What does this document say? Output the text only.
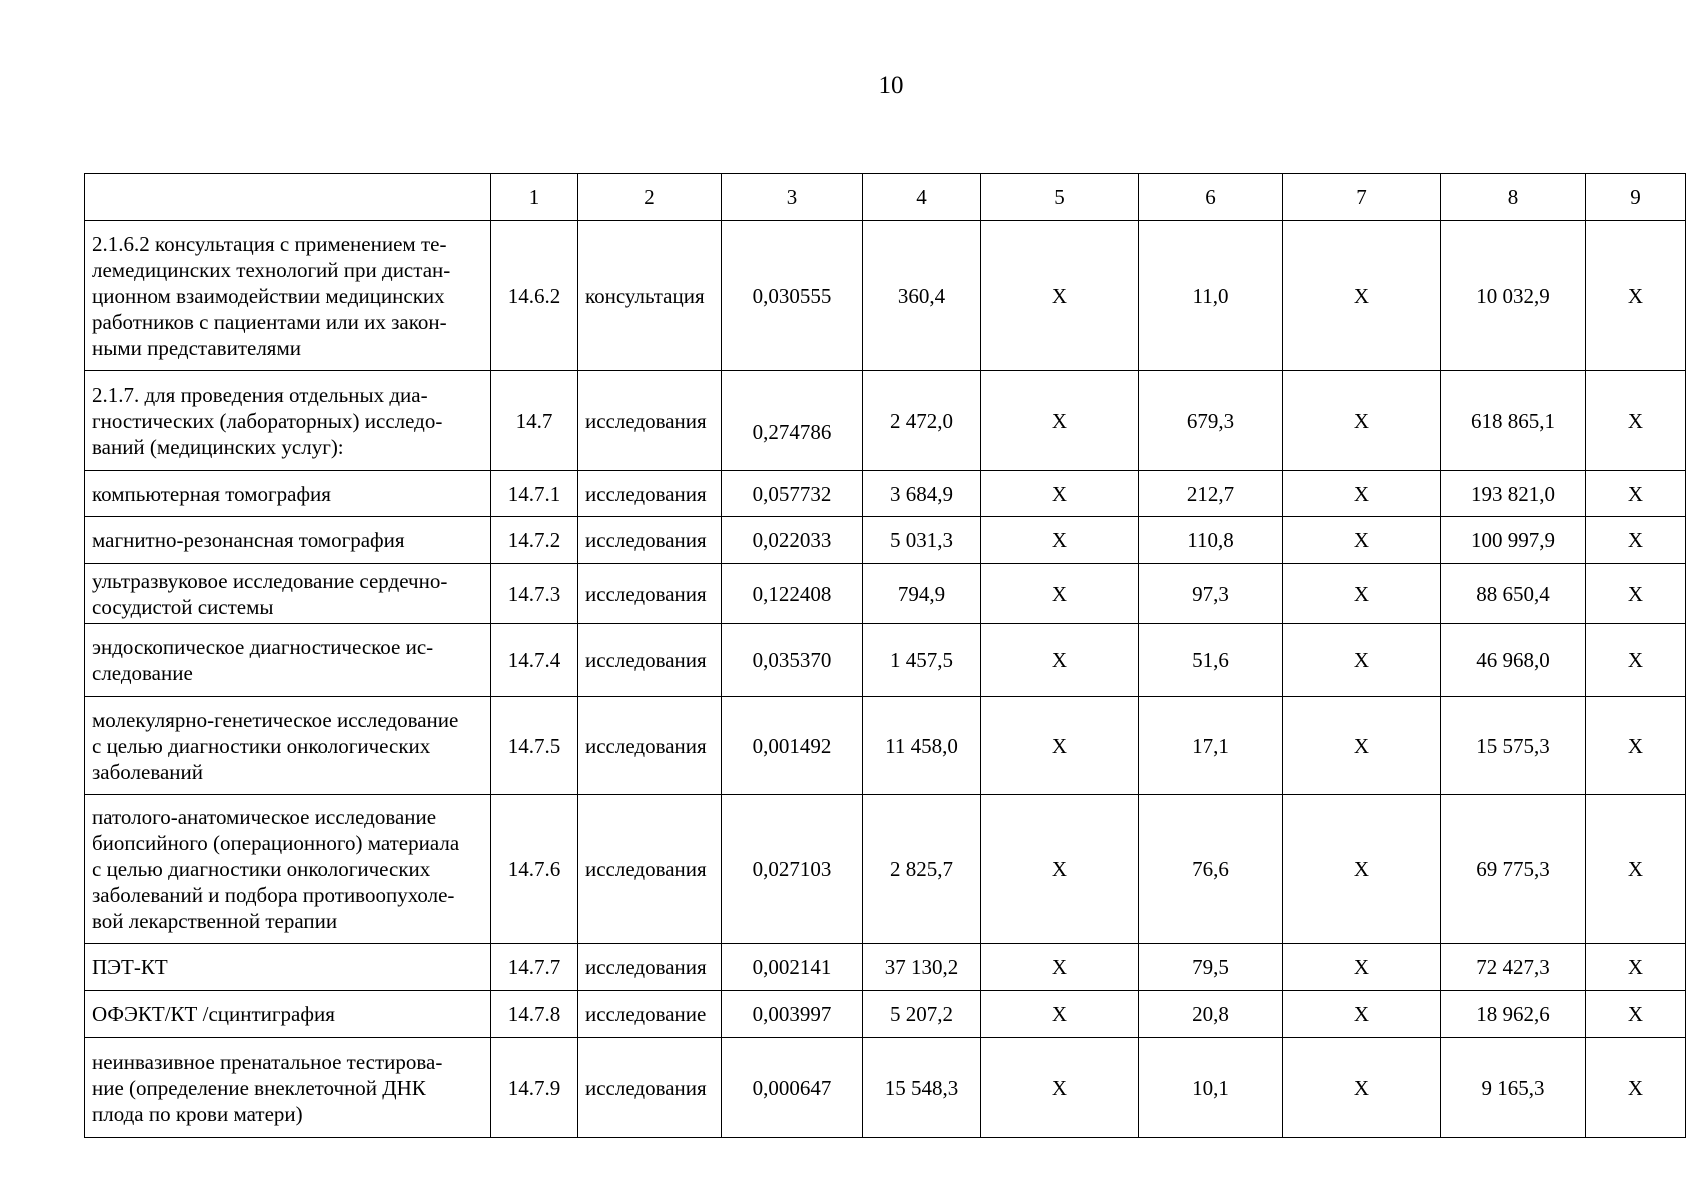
10
	1	2	3	4	5	6	7	8	9
2.1.6.2 консультация с применением те-
лемедицинских технологий при дистан-
ционном взаимодействии медицинских
работников с пациентами или их закон-
ными представителями	14.6.2	консультация	0,030555	360,4	Х	11,0	Х	10 032,9	Х
2.1.7. для проведения отдельных диа-
гностических (лабораторных) исследо-
ваний (медицинских услуг):	14.7	исследования	0,274786	2 472,0	Х	679,3	Х	618 865,1	Х
компьютерная томография	14.7.1	исследования	0,057732	3 684,9	Х	212,7	Х	193 821,0	Х
магнитно-резонансная томография	14.7.2	исследования	0,022033	5 031,3	Х	110,8	Х	100 997,9	Х
ультразвуковое исследование сердечно-
сосудистой системы	14.7.3	исследования	0,122408	794,9	Х	97,3	Х	88 650,4	Х
эндоскопическое диагностическое ис-
следование	14.7.4	исследования	0,035370	1 457,5	Х	51,6	Х	46 968,0	Х
молекулярно-генетическое исследование
с целью диагностики онкологических
заболеваний	14.7.5	исследования	0,001492	11 458,0	Х	17,1	Х	15 575,3	Х
патолого-анатомическое исследование
биопсийного (операционного) материала
с целью диагностики онкологических
заболеваний и подбора противоопухоле-
вой лекарственной терапии	14.7.6	исследования	0,027103	2 825,7	Х	76,6	Х	69 775,3	Х
ПЭТ-КТ	14.7.7	исследования	0,002141	37 130,2	Х	79,5	Х	72 427,3	Х
ОФЭКТ/КТ /сцинтиграфия	14.7.8	исследование	0,003997	5 207,2	Х	20,8	Х	18 962,6	Х
неинвазивное пренатальное тестирова-
ние (определение внеклеточной ДНК
плода по крови матери)	14.7.9	исследования	0,000647	15 548,3	Х	10,1	Х	9 165,3	Х
